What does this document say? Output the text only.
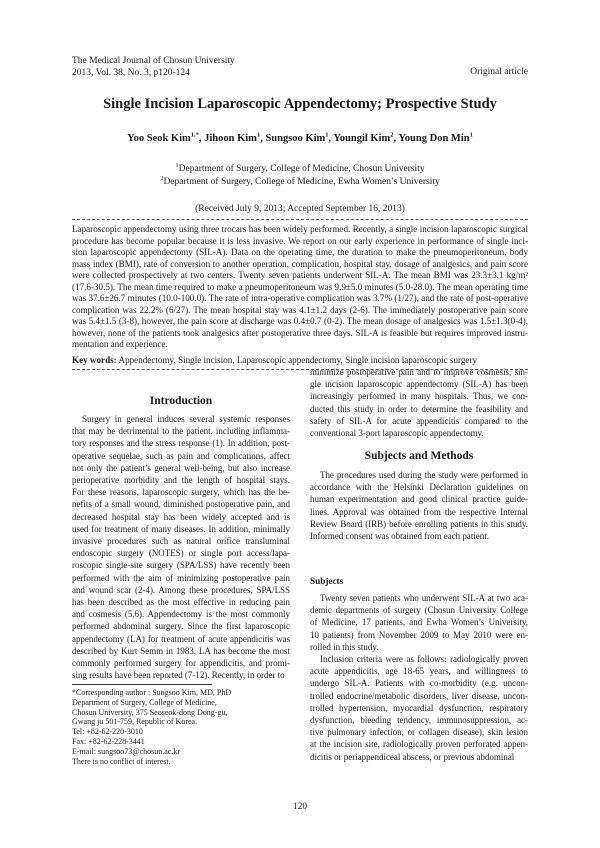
The Medical Journal of Chosun University
2013, Vol. 38, No. 3, p120-124	Original article
Single Incision Laparoscopic Appendectomy; Prospective Study
Yoo Seok Kim$^{1,*}$, Jihoon Kim$^1$, Sungsoo Kim$^1$, Youngil Kim$^2$, Young Don Min$^1$
$^1$Department of Surgery, College of Medicine, Chosun University
$^2$Department of Surgery, College of Medicine, Ewha Women’s University
(Received July 9, 2013; Accepted September 16, 2013)
Laparoscopic appendectomy using three trocars has been widely performed. Recently, a single incision laparoscopic surgical
procedure has become popular because it is less invasive. We report on our early experience in performance of single inci-
sion laparoscopic appendectomy (SIL-A). Data on the operating time, the duration to make the pneumoperitoneum, body
mass index (BMI), rate of conversion to another operation, complication, hospital stay, dosage of analgesics, and pain score
were collected prospectively at two centers. Twenty seven patients underwent SIL-A. The mean BMI was 23.3±3.1 kg/m²
(17.6-30.5). The mean time required to make a pneumoperitoneum was 9.9±5.0 minutes (5.0-28.0). The mean operating time
was 37.6±26.7 minutes (10.0-100.0). The rate of intra-operative complication was 3.7% (1/27), and the rate of post-operative
complication was 22.2% (6/27). The mean hospital stay was 4.1±1.2 days (2-6). The immediately postoperative pain score
was 5.4±1.5 (3-8), however, the pain score at discharge was 0.4±0.7 (0-2). The mean dosage of analgesics was 1.5±1.3(0-4),
however, none of the patients took analgesics after postoperative three days. SIL-A is feasible but requires improved instru-
mentation and experience.
Key words: Appendectomy, Single incision, Laparoscopic appendectomy, Single incision laparoscopic surgery
Introduction

Surgery in general induces several systemic responses
that may be detrimental to the patient, including inflamma-
tory responses and the stress response (1). In addition, post-
operative sequelae, such as pain and complications, affect
not only the patient’s general well-being, but also increase
perioperative morbidity and the length of hospital stays.
For these reasons, laparoscopic surgery, which has the be-
nefits of a small wound, diminished postoperative pain, and
decreased hospital stay has been widely accepted and is
used for treatment of many diseases. In addition, minimally
invasive procedures such as natural orifice transluminal
endoscopic surgery (NOTES) or single port access/lapa-
roscopic single-site surgery (SPA/LSS) have recently been
performed with the aim of minimizing postoperative pain
and wound scar (2-4). Among these procedures, SPA/LSS
has been described as the most effective in reducing pain
and cosmesis (5,6). Appendectomy is the most commonly
performed abdominal surgery. Since the first laparoscopic
appendectomy (LA) for treatment of acute appendicitis was
described by Kurt Semm in 1983, LA has become the most
commonly performed surgery for appendicitis, and promi-
sing results have been reported (7-12). Recently, in order to

*Corresponding author : Sungsoo Kim, MD, PhD
Department of Surgery, College of Medicine,
Chosun University, 375 Seoseok-dong Dong-gu,
Gwang ju 501-759, Republic of Korea.
Tel: +82-62-220-3010
Fax: +82-62-228-3441
E-mail: sungsoo73@chosun.ac.kr
There is no conflict of interest.

minimize postoperative pain and to improve cosmesis, sin-
gle incision laparoscopic appendectomy (SIL-A) has been
increasingly performed in many hospitals. Thus, we con-
ducted this study in order to determine the feasibility and
safety of SIL-A for acute appendicitis compared to the
conventional 3-port laparoscopic appendectomy.

Subjects and Methods

The procedures used during the study were performed in
accordance with the Helsinki Declaration guidelines on
human experimentation and good clinical practice guide-
lines. Approval was obtained from the respective Internal
Review Board (IRB) before enrolling patients in this study.
Informed consent was obtained from each patient.

Subjects

Twenty seven patients who underwent SIL-A at two aca-
demic departments of surgery (Chosun University College
of Medicine, 17 patients, and Ewha Women’s University,
10 patients) from November 2009 to May 2010 were en-
rolled in this study.

Inclusion criteria were as follows: radiologically proven
acute appendicitis, age 18-65 years, and willingness to
undergo SIL-A. Patients with co-morbidity (e.g. uncon-
trolled endocrine/metabolic disorders, liver disease, uncon-
trolled hypertension, myocardial dysfunction, respiratory
dysfunction, bleeding tendency, immunosuppression, ac-
tive pulmonary infection, or collagen disease), skin lesion
at the incision site, radiologically proven perforated appen-
dicitis or periappendiceal abscess, or previous abdominal

120
